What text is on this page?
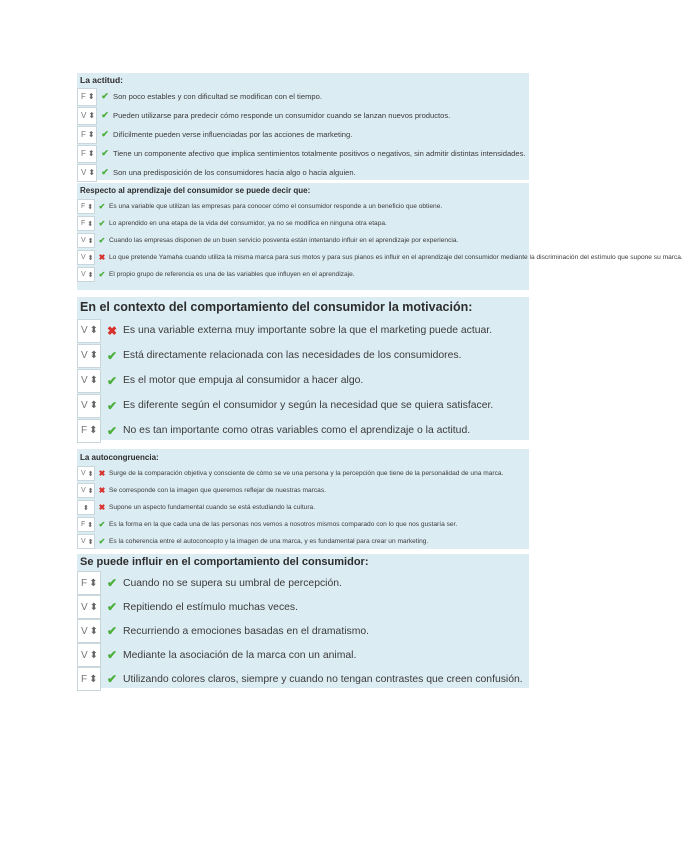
La actitud:
F ⬍ ✔ Son poco estables y con dificultad se modifican con el tiempo.
V ⬍ ✔ Pueden utilizarse para predecir cómo responde un consumidor cuando se lanzan nuevos productos.
F ⬍ ✔ Difícilmente pueden verse influenciadas por las acciones de marketing.
F ⬍ ✔ Tiene un componente afectivo que implica sentimientos totalmente positivos o negativos, sin admitir distintas intensidades.
V ⬍ ✔ Son una predisposición de los consumidores hacia algo o hacia alguien.
Respecto al aprendizaje del consumidor se puede decir que:
F ⬍ ✔ Es una variable que utilizan las empresas para conocer cómo el consumidor responde a un beneficio que obtiene.
F ⬍ ✔ Lo aprendido en una etapa de la vida del consumidor, ya no se modifica en ninguna otra etapa.
V ⬍ ✔ Cuando las empresas disponen de un buen servicio posventa están intentando influir en el aprendizaje por experiencia.
V ⬍ ✖ Lo que pretende Yamaha cuando utiliza la misma marca para sus motos y para sus pianos es influir en el aprendizaje del consumidor mediante la discriminación del estímulo que supone su marca.
V ⬍ ✔ El propio grupo de referencia es una de las variables que influyen en el aprendizaje.
En el contexto del comportamiento del consumidor la motivación:
V ⬍ ✖ Es una variable externa muy importante sobre la que el marketing puede actuar.
V ⬍ ✔ Está directamente relacionada con las necesidades de los consumidores.
V ⬍ ✔ Es el motor que empuja al consumidor a hacer algo.
V ⬍ ✔ Es diferente según el consumidor y según la necesidad que se quiera satisfacer.
F ⬍ ✔ No es tan importante como otras variables como el aprendizaje o la actitud.
La autocongruencia:
V ⬍ ✖ Surge de la comparación objetiva y consciente de cómo se ve una persona y la percepción que tiene de la personalidad de una marca.
V ⬍ ✖ Se corresponde con la imagen que queremos reflejar de nuestras marcas.
⬍	✖ Supone un aspecto fundamental cuando se está estudiando la cultura.
F ⬍ ✔ Es la forma en la que cada una de las personas nos vemos a nosotros mismos comparado con lo que nos gustaría ser.
V ⬍ ✔ Es la coherencia entre el autoconcepto y la imagen de una marca, y es fundamental para crear un marketing.
Se puede influir en el comportamiento del consumidor:
F ⬍ ✔ Cuando no se supera su umbral de percepción.
V ⬍ ✔ Repitiendo el estímulo muchas veces.
V ⬍ ✔ Recurriendo a emociones basadas en el dramatismo.
V ⬍ ✔ Mediante la asociación de la marca con un animal.
F ⬍ ✔ Utilizando colores claros, siempre y cuando no tengan contrastes que creen confusión.
